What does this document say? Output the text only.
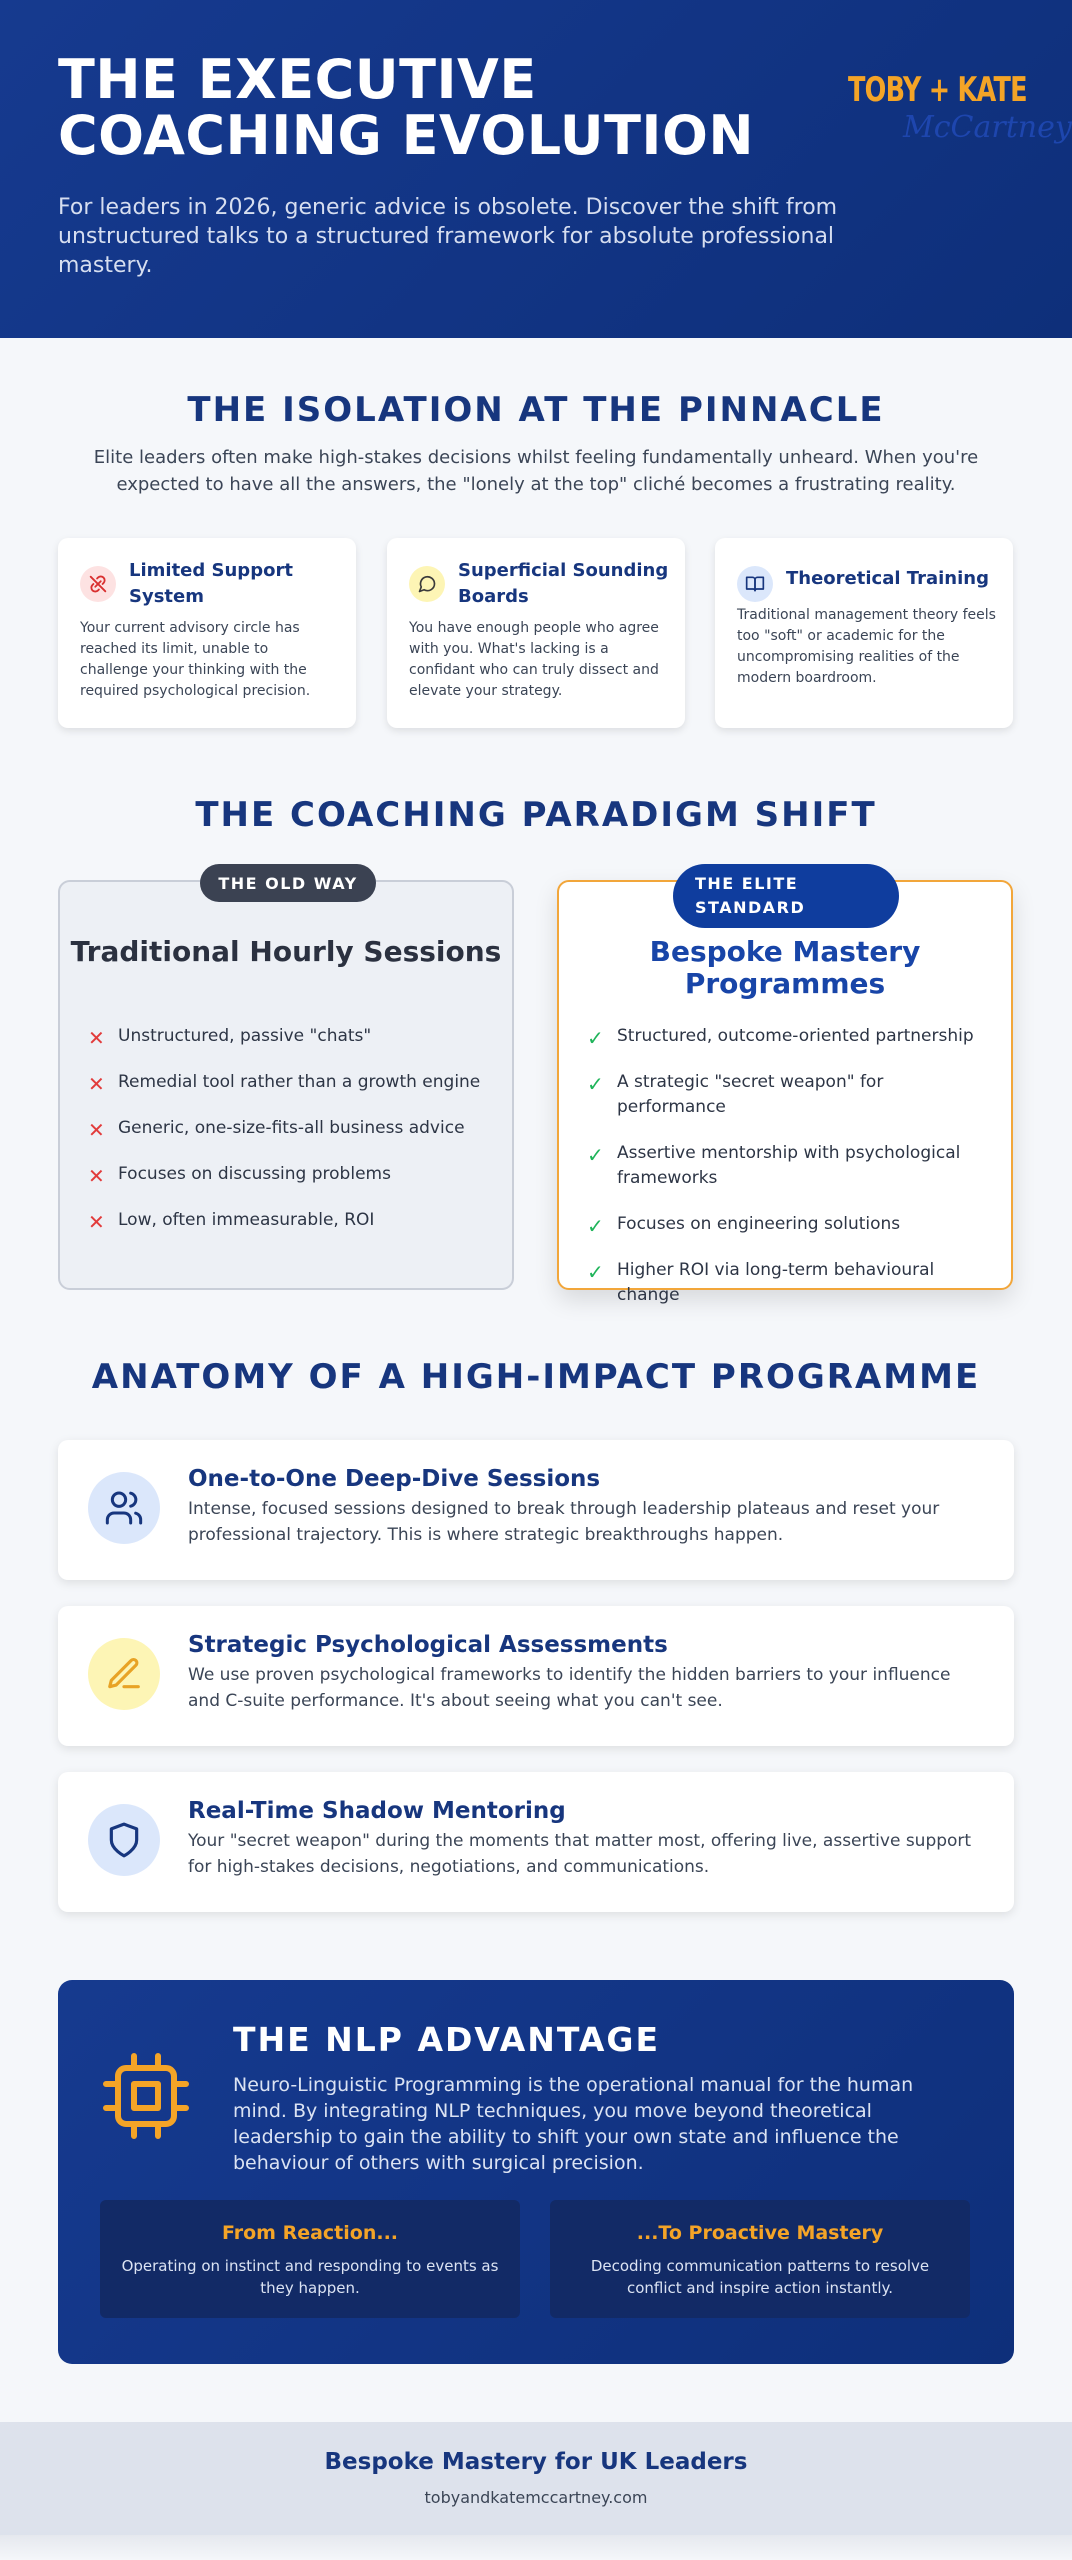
THE EXECUTIVE COACHING EVOLUTION

For leaders in 2026, generic advice is obsolete. Discover the shift from unstructured talks to a structured framework for absolute professional mastery.

TOBY + KATE
McCartney
THE ISOLATION AT THE PINNACLE

Elite leaders often make high-stakes decisions whilst feeling fundamentally unheard. When you're expected to have all the answers, the "lonely at the top" cliché becomes a frustrating reality.

Limited Support System
Your current advisory circle has reached its limit, unable to challenge your thinking with the required psychological precision.
Superficial Sounding Boards
You have enough people who agree with you. What's lacking is a confidant who can truly dissect and elevate your strategy.
Theoretical Training
Traditional management theory feels too "soft" or academic for the uncompromising realities of the modern boardroom.
THE COACHING PARADIGM SHIFT
THE OLD WAY
Traditional Hourly Sessions
✕ Unstructured, passive "chats"
✕ Remedial tool rather than a growth engine
✕ Generic, one-size-fits-all business advice
✕ Focuses on discussing problems
✕ Low, often immeasurable, ROI
THE ELITE STANDARD
Bespoke Mastery Programmes
✓ Structured, outcome-oriented partnership
✓ A strategic "secret weapon" for performance
✓ Assertive mentorship with psychological frameworks
✓ Focuses on engineering solutions
✓ Higher ROI via long-term behavioural change
ANATOMY OF A HIGH-IMPACT PROGRAMME
One-to-One Deep-Dive Sessions
Intense, focused sessions designed to break through leadership plateaus and reset your professional trajectory. This is where strategic breakthroughs happen.
Strategic Psychological Assessments
We use proven psychological frameworks to identify the hidden barriers to your influence and C-suite performance. It's about seeing what you can't see.
Real-Time Shadow Mentoring
Your "secret weapon" during the moments that matter most, offering live, assertive support for high-stakes decisions, negotiations, and communications.
THE NLP ADVANTAGE

Neuro-Linguistic Programming is the operational manual for the human mind. By integrating NLP techniques, you move beyond theoretical leadership to gain the ability to shift your own state and influence the behaviour of others with surgical precision.

From Reaction...
Operating on instinct and responding to events as they happen.
...To Proactive Mastery
Decoding communication patterns to resolve conflict and inspire action instantly.
Bespoke Mastery for UK Leaders
tobyandkatemccartney.com
